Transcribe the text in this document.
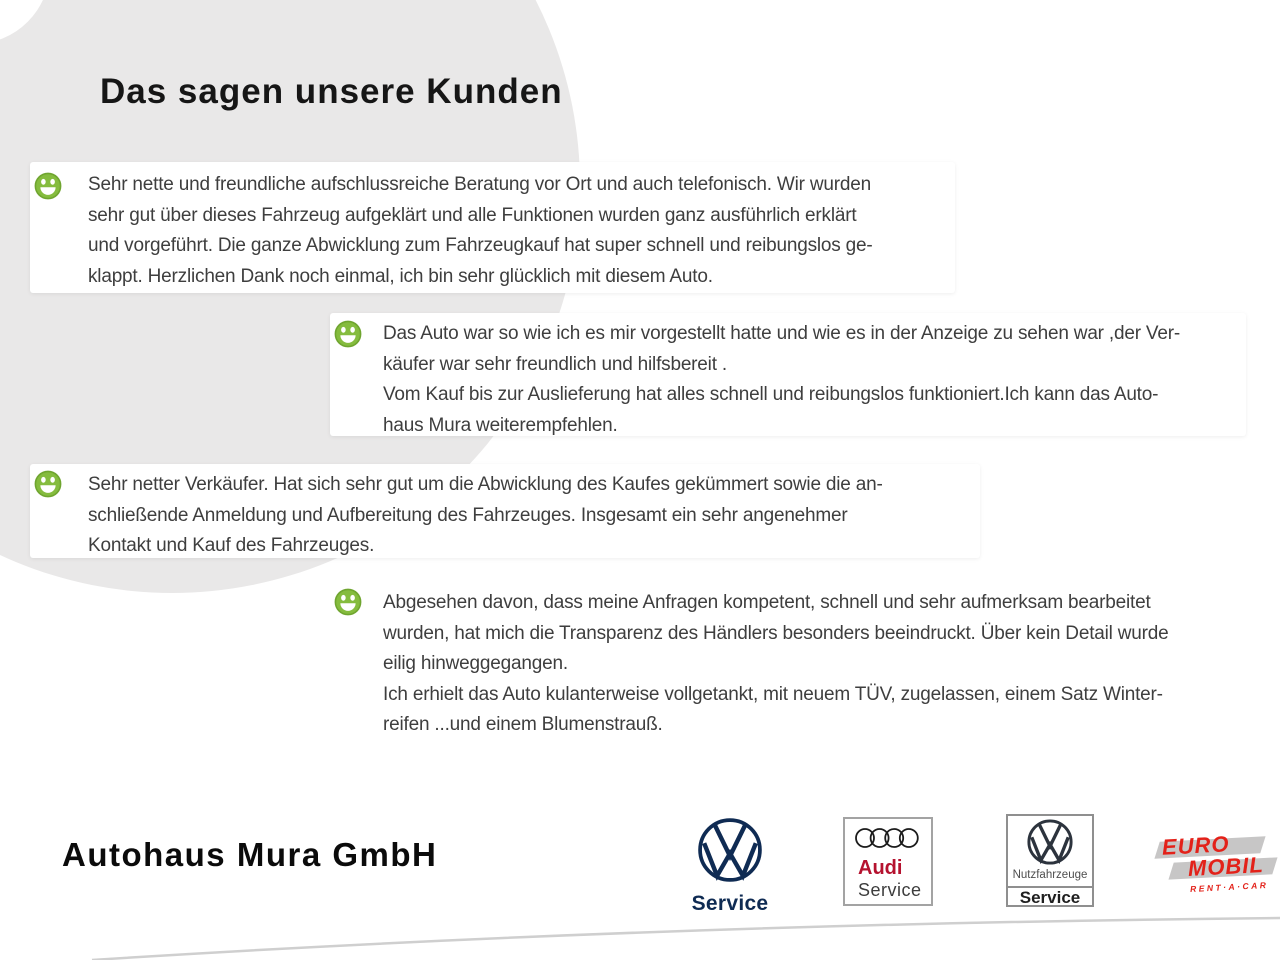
Das sagen unsere Kunden
Sehr nette und freundliche aufschlussreiche Beratung vor Ort und auch telefonisch. Wir wurden
sehr gut über dieses Fahrzeug aufgeklärt und alle Funktionen wurden ganz ausführlich erklärt
und vorgeführt. Die ganze Abwicklung zum Fahrzeugkauf hat super schnell und reibungslos ge-
klappt. Herzlichen Dank noch einmal, ich bin sehr glücklich mit diesem Auto.
Das Auto war so wie ich es mir vorgestellt hatte und wie es in der Anzeige zu sehen war ,der Ver-
käufer war sehr freundlich und hilfsbereit .
Vom Kauf bis zur Auslieferung hat alles schnell und reibungslos funktioniert.Ich kann das Auto-
haus Mura weiterempfehlen.
Sehr netter Verkäufer. Hat sich sehr gut um die Abwicklung des Kaufes gekümmert sowie die an-
schließende Anmeldung und Aufbereitung des Fahrzeuges. Insgesamt ein sehr angenehmer
Kontakt und Kauf des Fahrzeuges.
Abgesehen davon, dass meine Anfragen kompetent, schnell und sehr aufmerksam bearbeitet
wurden, hat mich die Transparenz des Händlers besonders beeindruckt. Über kein Detail wurde
eilig hinweggegangen.
Ich erhielt das Auto kulanterweise vollgetankt, mit neuem TÜV, zugelassen, einem Satz Winter-
reifen ...und einem Blumenstrauß.
Autohaus Mura GmbH
Service
Audi
Service
Nutzfahrzeuge
Service
EURO
MOBIL
RENT·A·CAR
